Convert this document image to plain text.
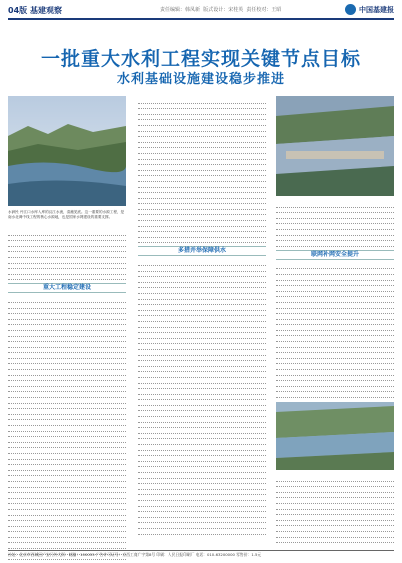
04版 基建观察	责任编辑：韩凤新 版式设计：宋桂英 责任校对：王昭	中国基建报
一批重大水利工程实现关键节点目标
水利基础设施建设稳步推进
水润民 丹江口水库入库的汉江水流，清澈见底。这一重要的水源工程，是南水北调中线工程的核心水源地，也是国家水网建设的重要支撑。
重大工程稳定建设
多措并举保障供水	联网补网安全提升
社址：北京市西城区广安门外大街：邮编：100055 广告许可证号：京西工商广字第8号 印刷：人民日报印刷厂 电话：010-63200000 零售价：1.5元
